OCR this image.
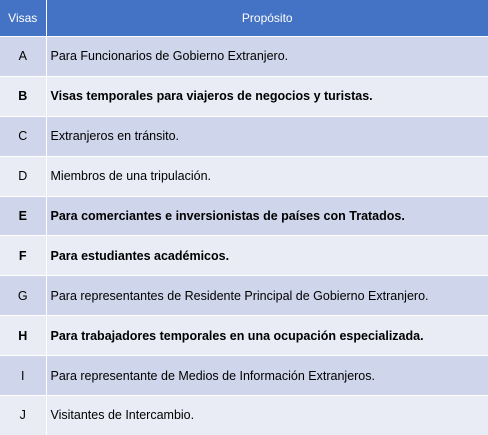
Visas	Propósito
A	Para Funcionarios de Gobierno Extranjero.
B	Visas temporales para viajeros de negocios y turistas.
C	Extranjeros en tránsito.
D	Miembros de una tripulación.
E	Para comerciantes e inversionistas de países con Tratados.
F	Para estudiantes académicos.
G	Para representantes de Residente Principal de Gobierno Extranjero.
H	Para trabajadores temporales en una ocupación especializada.
I	Para representante de Medios de Información Extranjeros.
J	Visitantes de Intercambio.
